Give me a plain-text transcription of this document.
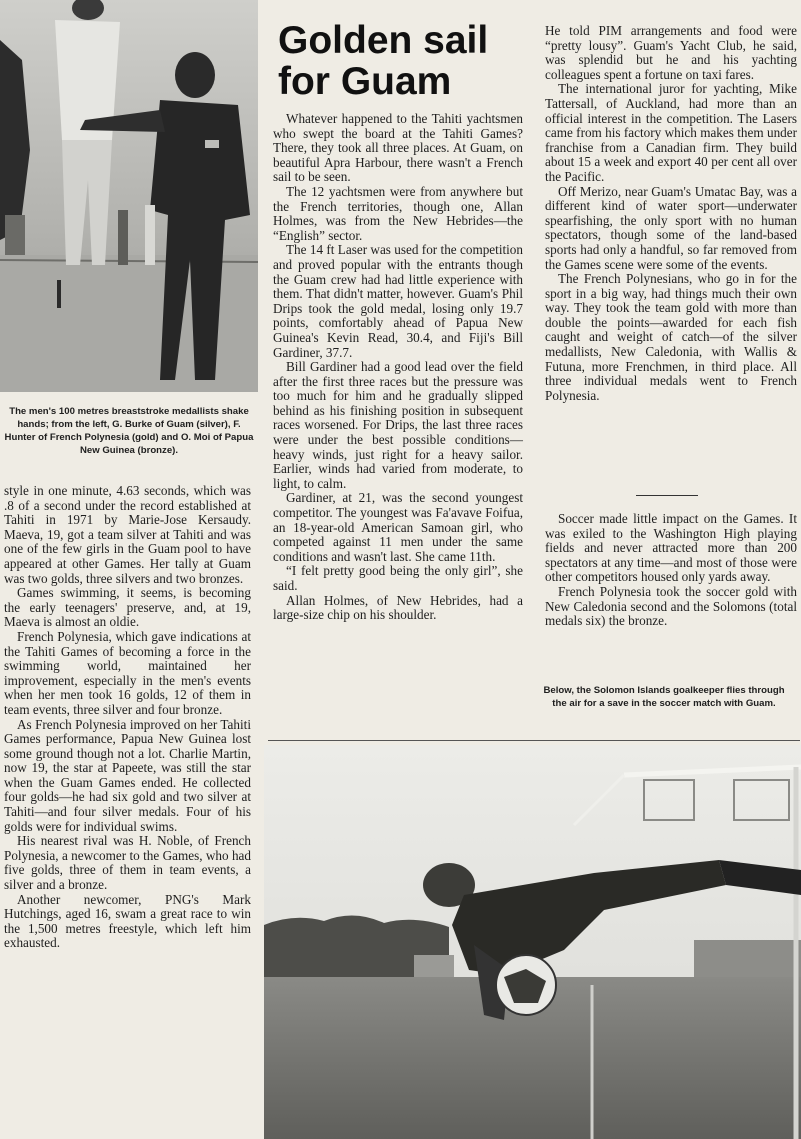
The men's 100 metres breaststroke medallists shake hands; from the left, G. Burke of Guam (silver), F. Hunter of French Polynesia (gold) and O. Moi of Papua New Guinea (bronze).

style in one minute, 4.63 seconds, which was .8 of a second under the record established at Tahiti in 1971 by Marie-Jose Kersaudy. Maeva, 19, got a team silver at Tahiti and was one of the few girls in the Guam pool to have appeared at other Games. Her tally at Guam was two golds, three silvers and two bronzes.

Games swimming, it seems, is becoming the early teenagers' preserve, and, at 19, Maeva is almost an oldie.

French Polynesia, which gave indications at the Tahiti Games of becoming a force in the swimming world, maintained her improvement, especially in the men's events when her men took 16 golds, 12 of them in team events, three silver and four bronze.

As French Polynesia improved on her Tahiti Games performance, Papua New Guinea lost some ground though not a lot. Charlie Martin, now 19, the star at Papeete, was still the star when the Guam Games ended. He collected four golds—he had six gold and two silver at Tahiti—and four silver medals. Four of his golds were for individual swims.

His nearest rival was H. Noble, of French Polynesia, a newcomer to the Games, who had five golds, three of them in team events, a silver and a bronze.

Another newcomer, PNG's Mark Hutchings, aged 16, swam a great race to win the 1,500 metres freestyle, which left him exhausted.

Golden sail for Guam

Whatever happened to the Tahiti yachtsmen who swept the board at the Tahiti Games? There, they took all three places. At Guam, on beautiful Apra Harbour, there wasn't a French sail to be seen.

The 12 yachtsmen were from anywhere but the French territories, though one, Allan Holmes, was from the New Hebrides—the “English” sector.

The 14 ft Laser was used for the competition and proved popular with the entrants though the Guam crew had had little experience with them. That didn't matter, however. Guam's Phil Drips took the gold medal, losing only 19.7 points, comfortably ahead of Papua New Guinea's Kevin Read, 30.4, and Fiji's Bill Gardiner, 37.7.

Bill Gardiner had a good lead over the field after the first three races but the pressure was too much for him and he gradually slipped behind as his finishing position in subsequent races worsened. For Drips, the last three races were under the best possible conditions—heavy winds, just right for a heavy sailor. Earlier, winds had varied from moderate, to light, to calm.

Gardiner, at 21, was the second youngest competitor. The youngest was Fa'avave Foifua, an 18-year-old American Samoan girl, who competed against 11 men under the same conditions and wasn't last. She came 11th.

“I felt pretty good being the only girl”, she said.

Allan Holmes, of New Hebrides, had a large-size chip on his shoulder.

He told PIM arrangements and food were “pretty lousy”. Guam's Yacht Club, he said, was splendid but he and his yachting colleagues spent a fortune on taxi fares.

The international juror for yachting, Mike Tattersall, of Auckland, had more than an official interest in the competition. The Lasers came from his factory which makes them under franchise from a Canadian firm. They build about 15 a week and export 40 per cent all over the Pacific.

Off Merizo, near Guam's Umatac Bay, was a different kind of water sport—underwater spearfishing, the only sport with no human spectators, though some of the land-based sports had only a handful, so far removed from the Games scene were some of the events.

The French Polynesians, who go in for the sport in a big way, had things much their own way. They took the team gold with more than double the points—awarded for each fish caught and weight of catch—of the silver medallists, New Caledonia, with Wallis & Futuna, more Frenchmen, in third place. All three individual medals went to French Polynesia.

Soccer made little impact on the Games. It was exiled to the Washington High playing fields and never attracted more than 200 spectators at any time—and most of those were other competitors housed only yards away.

French Polynesia took the soccer gold with New Caledonia second and the Solomons (total medals six) the bronze.

Below, the Solomon Islands goalkeeper flies through the air for a save in the soccer match with Guam.
